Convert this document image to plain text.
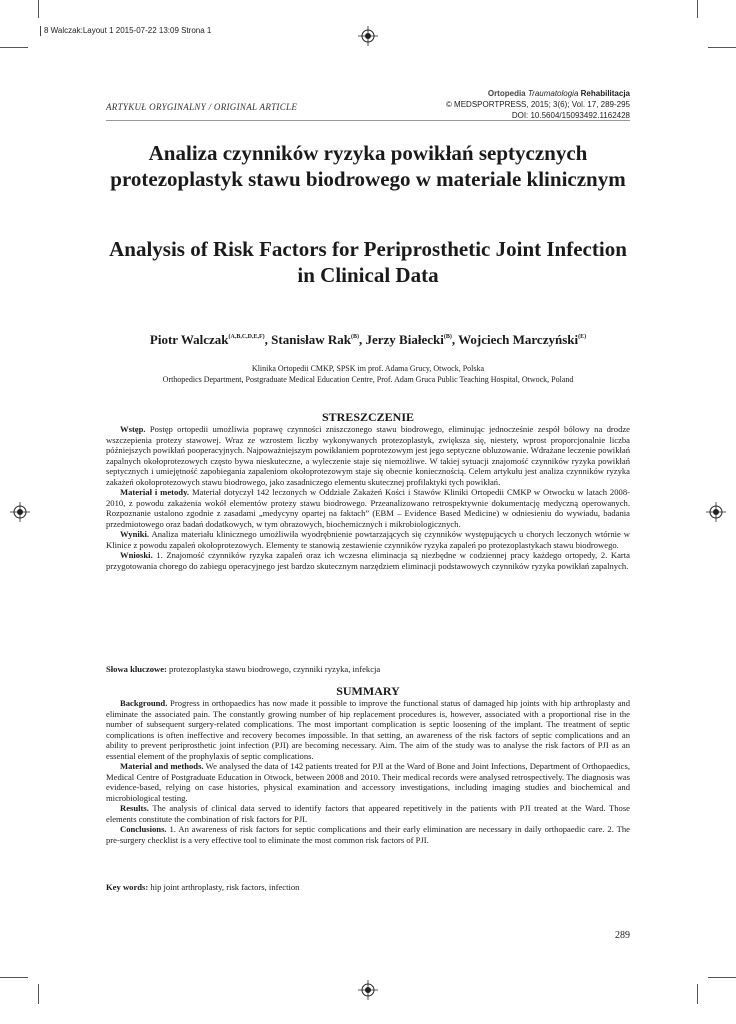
8 Walczak:Layout 1 2015-07-22 13:09 Strona 1
ARTYKUŁ ORYGINALNY / ORIGINAL ARTICLE
Ortopedia Traumatologia Rehabilitacja
© MEDSPORTPRESS, 2015; 3(6); Vol. 17, 289-295
DOI: 10.5604/15093492.1162428
Analiza czynników ryzyka powikłań septycznych protezoplastyk stawu biodrowego w materiale klinicznym
Analysis of Risk Factors for Periprosthetic Joint Infection in Clinical Data
Piotr Walczak$^{(A,B,C,D,E,F)}$, Stanisław Rak$^{(B)}$, Jerzy Białecki$^{(B)}$, Wojciech Marczyński$^{(E)}$
Klinika Ortopedii CMKP, SPSK im prof. Adama Grucy, Otwock, Polska
Orthopedics Department, Postgraduate Medical Education Centre, Prof. Adam Gruca Public Teaching Hospital, Otwock, Poland
STRESZCZENIE

Wstęp. Postęp ortopedii umożliwia poprawę czynności zniszczonego stawu biodrowego, eliminując jednocześnie zespół bólowy na drodze wszczepienia protezy stawowej. Wraz ze wzrostem liczby wykonywanych protezoplastyk, zwiększa się, niestety, wprost proporcjonalnie liczba późniejszych powikłań pooperacyjnych. Najpoważniejszym powikłaniem poprotezowym jest jego septyczne obluzowanie. Wdrażane leczenie powikłań zapalnych okołoprotezowych często bywa nieskuteczne, a wyleczenie staje się niemożliwe. W takiej sytuacji znajomość czynników ryzyka powikłań septycznych i umiejętność zapobiegania zapaleniom okołoprotezowym staje się obecnie koniecznością. Celem artykułu jest analiza czynników ryzyka zakażeń okołoprotezowych stawu biodrowego, jako zasadniczego elementu skutecznej profilaktyki tych powikłań.

Materiał i metody. Materiał dotyczył 142 leczonych w Oddziale Zakażeń Kości i Stawów Kliniki Ortopedii CMKP w Otwocku w latach 2008-2010, z powodu zakażenia wokół elementów protezy stawu biodrowego. Przeanalizowano retrospektywnie dokumentację medyczną operowanych. Rozpoznanie ustalono zgodnie z zasadami „medycyny opartej na faktach” (EBM – Evidence Based Medicine) w odniesieniu do wywiadu, badania przedmiotowego oraz badań dodatkowych, w tym obrazowych, biochemicznych i mikrobiologicznych.

Wyniki. Analiza materiału klinicznego umożliwiła wyodrębnienie powtarzających się czynników występujących u chorych leczonych wtórnie w Klinice z powodu zapaleń okołoprotezowych. Elementy te stanowią zestawienie czynników ryzyka zapaleń po protezoplastykach stawu biodrowego.

Wnioski. 1. Znajomość czynników ryzyka zapaleń oraz ich wczesna eliminacja są niezbędne w codziennej pracy każdego ortopedy, 2. Karta przygotowania chorego do zabiegu operacyjnego jest bardzo skutecznym narzędziem eliminacji podstawowych czynników ryzyka powikłań zapalnych.

Słowa kluczowe: protezoplastyka stawu biodrowego, czynniki ryzyka, infekcja

SUMMARY

Background. Progress in orthopaedics has now made it possible to improve the functional status of damaged hip joints with hip arthroplasty and eliminate the associated pain. The constantly growing number of hip replacement procedures is, however, associated with a proportional rise in the number of subsequent surgery-related complications. The most important complication is septic loosening of the implant. The treatment of septic complications is often ineffective and recovery becomes impossible. In that setting, an awareness of the risk factors of septic complications and an ability to prevent periprosthetic joint infection (PJI) are becoming necessary. Aim. The aim of the study was to analyse the risk factors of PJI as an essential element of the prophylaxis of septic complications.

Material and methods. We analysed the data of 142 patients treated for PJI at the Ward of Bone and Joint Infections, Department of Orthopaedics, Medical Centre of Postgraduate Education in Otwock, between 2008 and 2010. Their medical records were analysed retrospectively. The diagnosis was evidence-based, relying on case histories, physical examination and accessory investigations, including imaging studies and biochemical and microbiological testing.

Results. The analysis of clinical data served to identify factors that appeared repetitively in the patients with PJI treated at the Ward. Those elements constitute the combination of risk factors for PJI.

Conclusions. 1. An awareness of risk factors for septic complications and their early elimination are necessary in daily orthopaedic care. 2. The pre-surgery checklist is a very effective tool to eliminate the most common risk factors of PJI.

Key words: hip joint arthroplasty, risk factors, infection

289
